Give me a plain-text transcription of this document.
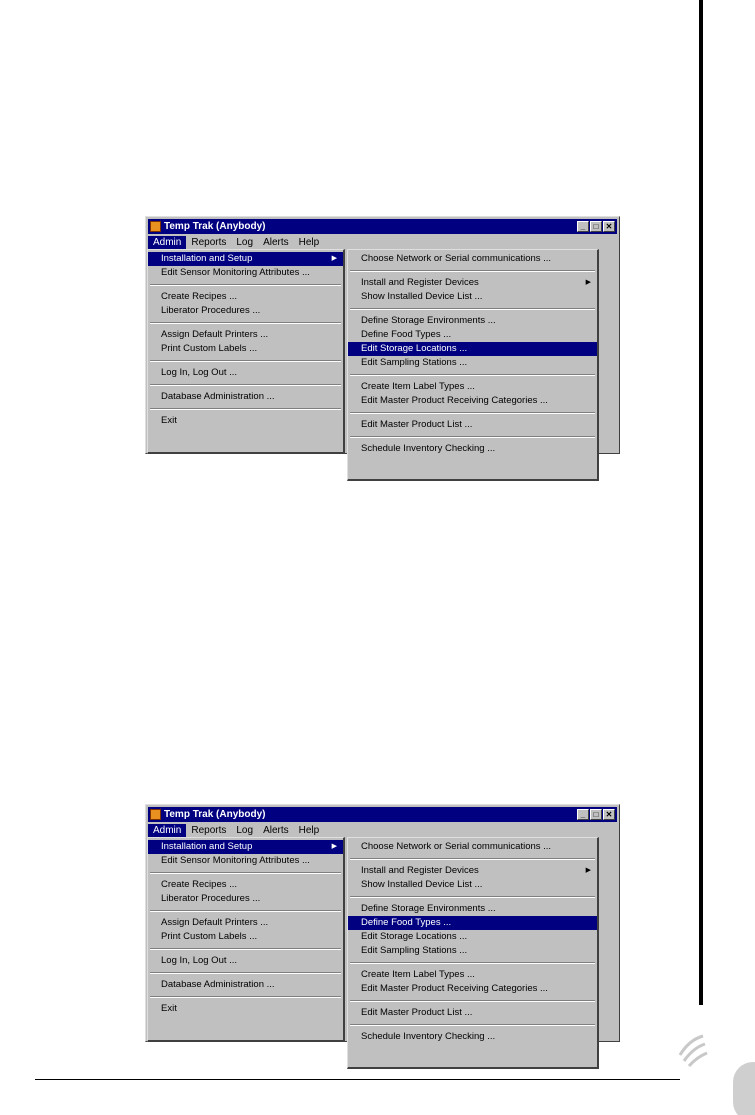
Temp Trak (Anybody)	_	□ ✕
Admin	Reports	Log	Alerts	Help
Installation and Setup	▶
Edit Sensor Monitoring Attributes ...
Create Recipes ...
Liberator Procedures ...
Assign Default Printers ...
Print Custom Labels ...
Log In, Log Out ...
Database Administration ...
Exit
Choose Network or Serial communications ...
Install and Register Devices	▶
Show Installed Device List ...
Define Storage Environments ...
Define Food Types ...
Edit Storage Locations ...
Edit Sampling Stations ...
Create Item Label Types ...
Edit Master Product Receiving Categories ...
Edit Master Product List ...
Schedule Inventory Checking ...
Temp Trak (Anybody)	_	□ ✕
Admin	Reports	Log	Alerts	Help
Installation and Setup	▶
Edit Sensor Monitoring Attributes ...
Create Recipes ...
Liberator Procedures ...
Assign Default Printers ...
Print Custom Labels ...
Log In, Log Out ...
Database Administration ...
Exit
Choose Network or Serial communications ...
Install and Register Devices	▶
Show Installed Device List ...
Define Storage Environments ...
Define Food Types ...
Edit Storage Locations ...
Edit Sampling Stations ...
Create Item Label Types ...
Edit Master Product Receiving Categories ...
Edit Master Product List ...
Schedule Inventory Checking ...
